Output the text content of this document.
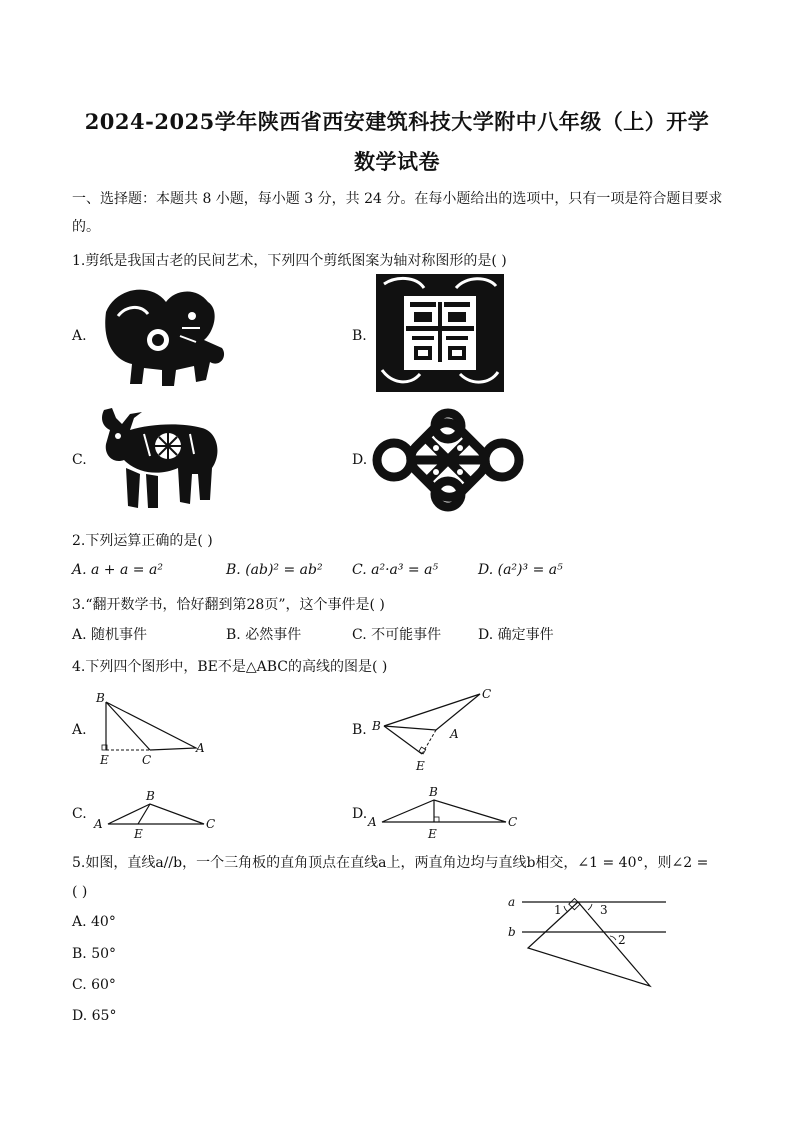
2024-2025学年陕西省西安建筑科技大学附中八年级（上）开学
数学试卷
一、选择题：本题共 8 小题，每小题 3 分，共 24 分。在每小题给出的选项中，只有一项是符合题目要求
的。
1.剪纸是我国古老的民间艺术，下列四个剪纸图案为轴对称图形的是( )
A.	B.
C.	D.
2.下列运算正确的是( )
A. a + a = a²	B. (ab)² = ab² C. a²·a³ = a⁵	D. (a²)³ = a⁵
3.“翻开数学书，恰好翻到第28页”，这个事件是( )
A. 随机事件	B. 必然事件	C. 不可能事件	D. 确定事件
4.下列四个图形中，BE不是△ABC的高线的图是( )
A.	B.
C.	D.
B
E	C
A
B
C
A
E
A
B
E
C	A
B
E
C
5.如图，直线a//b，一个三角板的直角顶点在直线a上，两直角边均与直线b相交，∠1 = 40°，则∠2 =
( )
A. 40°
B. 50°
C. 60°
D. 65°
a
b
1	3
2
